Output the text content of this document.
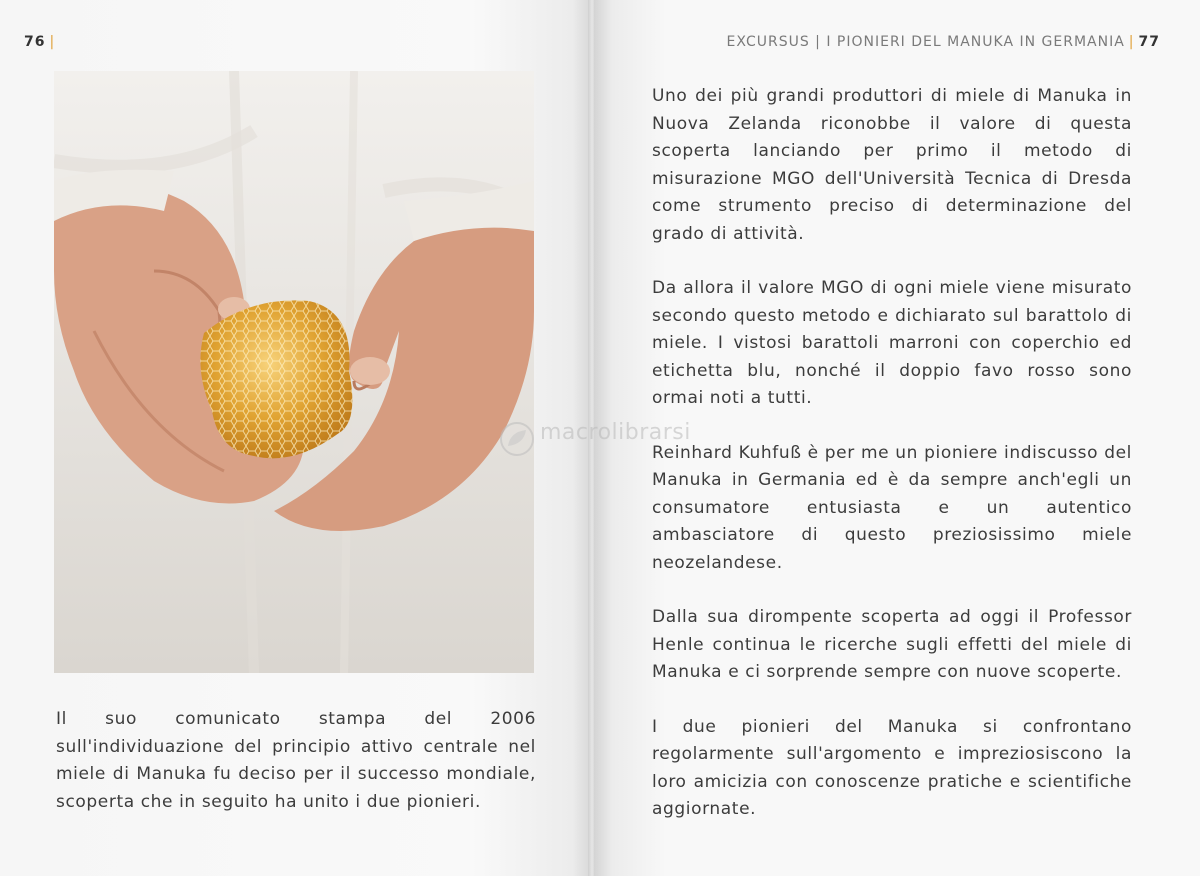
76 |
Il suo comunicato stampa del 2006 sull'individuazione del principio attivo centrale nel miele di Manuka fu deciso per il successo mondiale, scoperta che in seguito ha unito i due pionieri.
EXCURSUS | I PIONIERI DEL MANUKA IN GERMANIA | 77

Uno dei più grandi produttori di miele di Manuka in Nuova Zelanda riconobbe il valore di questa scoperta lanciando per primo il metodo di misurazione MGO dell'Università Tecnica di Dresda come strumento preciso di determinazione del grado di attività.

Da allora il valore MGO di ogni miele viene misurato secondo questo metodo e dichiarato sul barattolo di miele. I vistosi barattoli marroni con coperchio ed etichetta blu, nonché il doppio favo rosso sono ormai noti a tutti.

Reinhard Kuhfuß è per me un pioniere indiscusso del Manuka in Germania ed è da sempre anch'egli un consumatore entusiasta e un autentico ambasciatore di questo preziosissimo miele neozelandese.

Dalla sua dirompente scoperta ad oggi il Professor Henle continua le ricerche sugli effetti del miele di Manuka e ci sorprende sempre con nuove scoperte.

I due pionieri del Manuka si confrontano regolarmente sull'argomento e impreziosiscono la loro amicizia con conoscenze pratiche e scientifiche aggiornate.

macrolibrarsi
